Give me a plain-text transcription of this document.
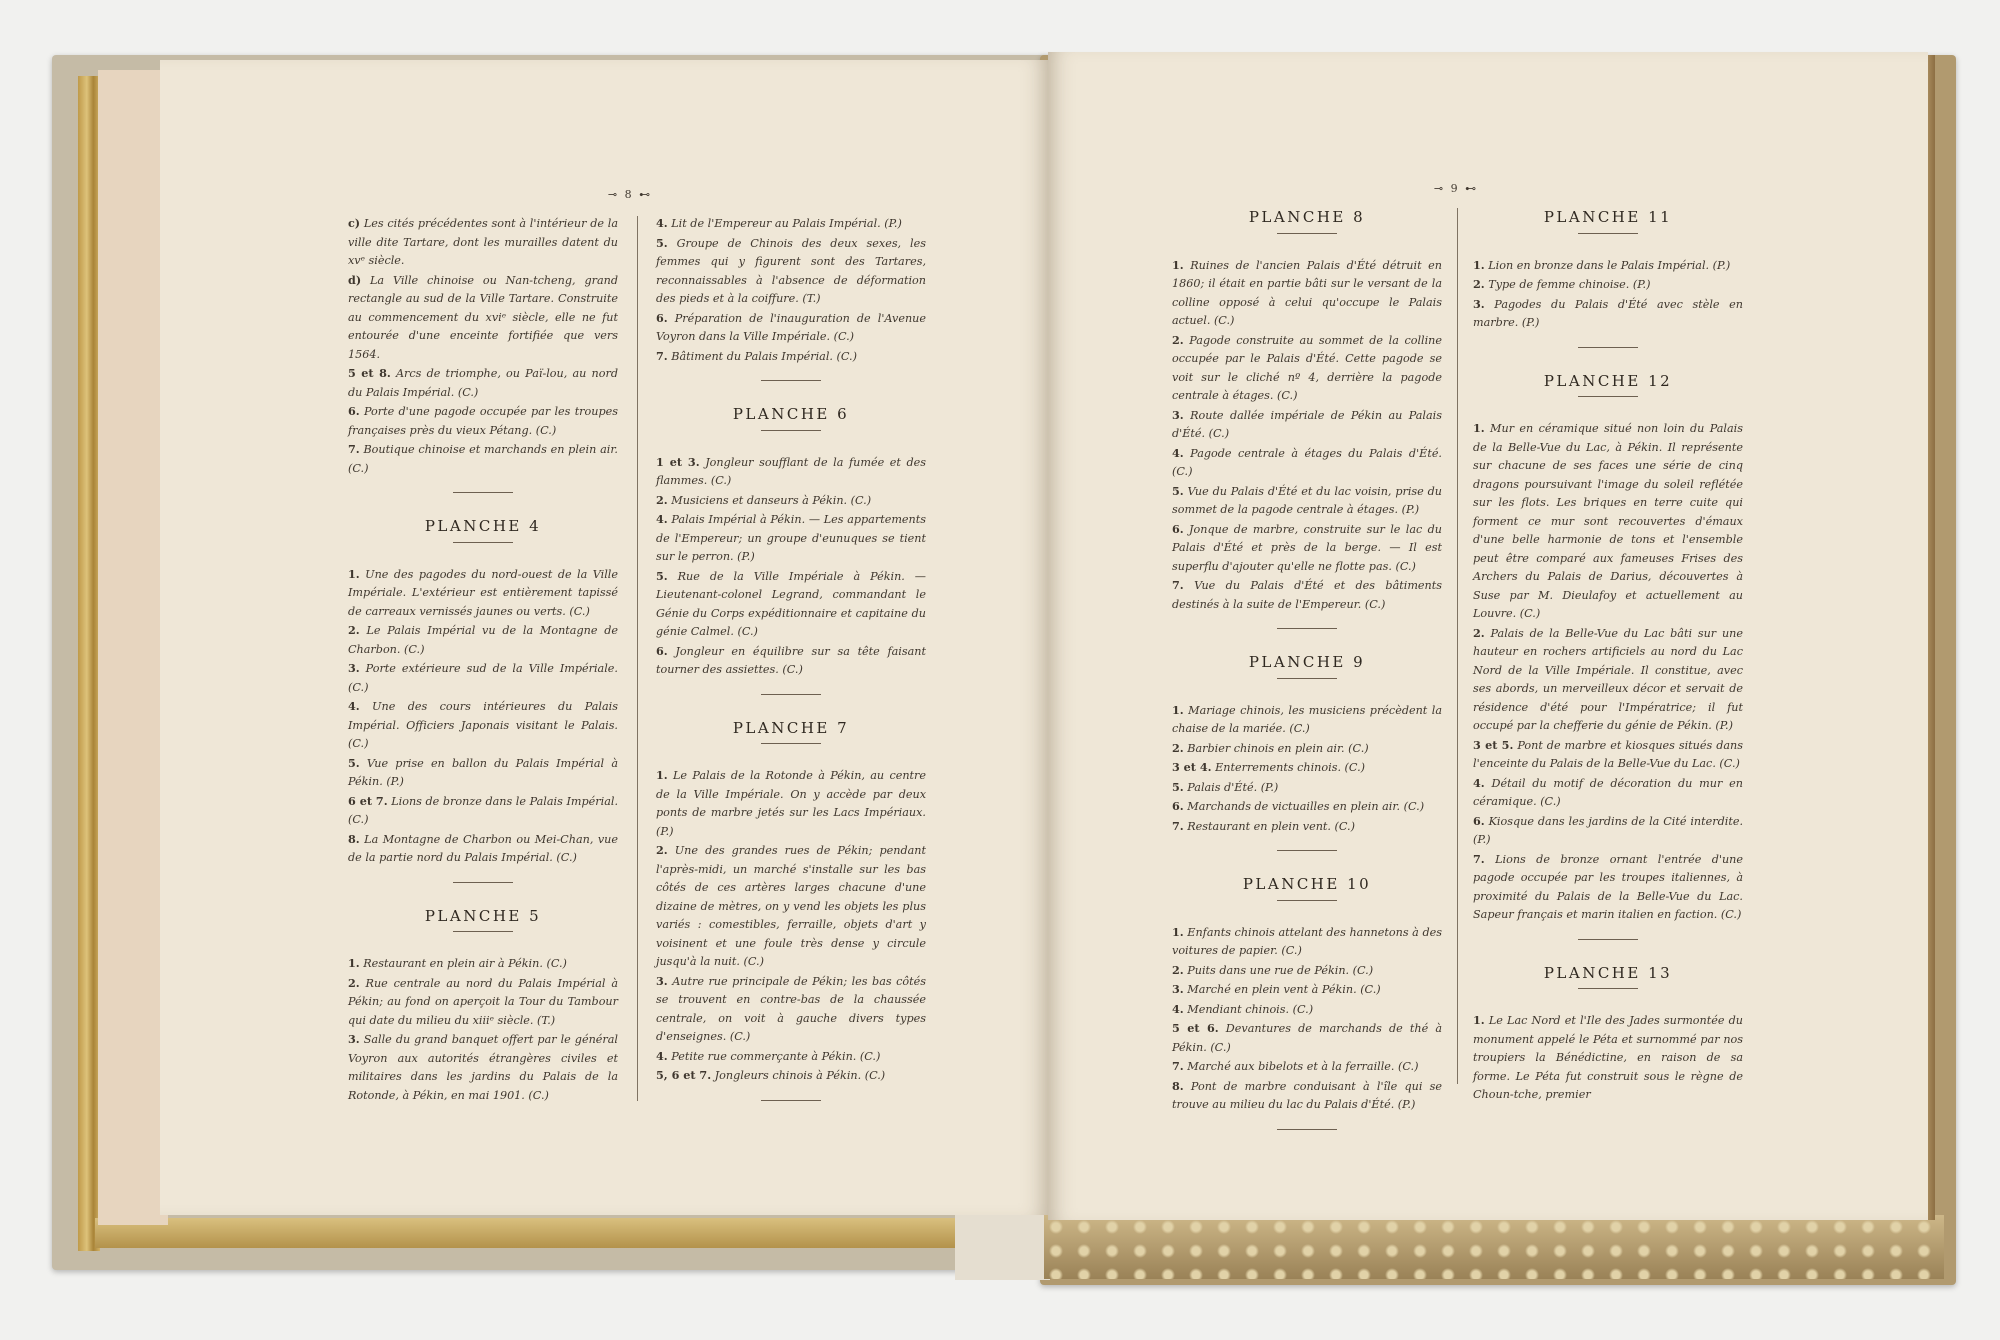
⊸ 8 ⊷

c) Les cités précédentes sont à l'intérieur de la ville dite Tartare, dont les murailles datent du xvᵉ siècle.

d) La Ville chinoise ou Nan-tcheng, grand rectangle au sud de la Ville Tartare. Construite au commencement du xviᵉ siècle, elle ne fut entourée d'une enceinte fortifiée que vers 1564.

5 et 8. Arcs de triomphe, ou Paï-lou, au nord du Palais Impérial. (C.)

6. Porte d'une pagode occupée par les troupes françaises près du vieux Pétang. (C.)

7. Boutique chinoise et marchands en plein air. (C.)

PLANCHE 4

1. Une des pagodes du nord-ouest de la Ville Impériale. L'extérieur est entièrement tapissé de carreaux vernissés jaunes ou verts. (C.)

2. Le Palais Impérial vu de la Montagne de Charbon. (C.)

3. Porte extérieure sud de la Ville Impériale. (C.)

4. Une des cours intérieures du Palais Impérial. Officiers Japonais visitant le Palais. (C.)

5. Vue prise en ballon du Palais Impérial à Pékin. (P.)

6 et 7. Lions de bronze dans le Palais Impérial. (C.)

8. La Montagne de Charbon ou Mei-Chan, vue de la partie nord du Palais Impérial. (C.)

PLANCHE 5

1. Restaurant en plein air à Pékin. (C.)

2. Rue centrale au nord du Palais Impérial à Pékin; au fond on aperçoit la Tour du Tambour qui date du milieu du xiiiᵉ siècle. (T.)

3. Salle du grand banquet offert par le général Voyron aux autorités étrangères civiles et militaires dans les jardins du Palais de la Rotonde, à Pékin, en mai 1901. (C.)

4. Lit de l'Empereur au Palais Impérial. (P.)

5. Groupe de Chinois des deux sexes, les femmes qui y figurent sont des Tartares, reconnaissables à l'absence de déformation des pieds et à la coiffure. (T.)

6. Préparation de l'inauguration de l'Avenue Voyron dans la Ville Impériale. (C.)

7. Bâtiment du Palais Impérial. (C.)

PLANCHE 6

1 et 3. Jongleur soufflant de la fumée et des flammes. (C.)

2. Musiciens et danseurs à Pékin. (C.)

4. Palais Impérial à Pékin. — Les appartements de l'Empereur; un groupe d'eunuques se tient sur le perron. (P.)

5. Rue de la Ville Impériale à Pékin. — Lieutenant-colonel Legrand, commandant le Génie du Corps expéditionnaire et capitaine du génie Calmel. (C.)

6. Jongleur en équilibre sur sa tête faisant tourner des assiettes. (C.)

PLANCHE 7

1. Le Palais de la Rotonde à Pékin, au centre de la Ville Impériale. On y accède par deux ponts de marbre jetés sur les Lacs Impériaux. (P.)

2. Une des grandes rues de Pékin; pendant l'après-midi, un marché s'installe sur les bas côtés de ces artères larges chacune d'une dizaine de mètres, on y vend les objets les plus variés : comestibles, ferraille, objets d'art y voisinent et une foule très dense y circule jusqu'à la nuit. (C.)

3. Autre rue principale de Pékin; les bas côtés se trouvent en contre-bas de la chaussée centrale, on voit à gauche divers types d'enseignes. (C.)

4. Petite rue commerçante à Pékin. (C.)

5, 6 et 7. Jongleurs chinois à Pékin. (C.)

⊸ 9 ⊷
PLANCHE 8

1. Ruines de l'ancien Palais d'Été détruit en 1860; il était en partie bâti sur le versant de la colline opposé à celui qu'occupe le Palais actuel. (C.)

2. Pagode construite au sommet de la colline occupée par le Palais d'Été. Cette pagode se voit sur le cliché nº 4, derrière la pagode centrale à étages. (C.)

3. Route dallée impériale de Pékin au Palais d'Été. (C.)

4. Pagode centrale à étages du Palais d'Été. (C.)

5. Vue du Palais d'Été et du lac voisin, prise du sommet de la pagode centrale à étages. (P.)

6. Jonque de marbre, construite sur le lac du Palais d'Été et près de la berge. — Il est superflu d'ajouter qu'elle ne flotte pas. (C.)

7. Vue du Palais d'Été et des bâtiments destinés à la suite de l'Empereur. (C.)

PLANCHE 9

1. Mariage chinois, les musiciens précèdent la chaise de la mariée. (C.)

2. Barbier chinois en plein air. (C.)

3 et 4. Enterrements chinois. (C.)

5. Palais d'Été. (P.)

6. Marchands de victuailles en plein air. (C.)

7. Restaurant en plein vent. (C.)

PLANCHE 10

1. Enfants chinois attelant des hannetons à des voitures de papier. (C.)

2. Puits dans une rue de Pékin. (C.)

3. Marché en plein vent à Pékin. (C.)

4. Mendiant chinois. (C.)

5 et 6. Devantures de marchands de thé à Pékin. (C.)

7. Marché aux bibelots et à la ferraille. (C.)

8. Pont de marbre conduisant à l'île qui se trouve au milieu du lac du Palais d'Été. (P.)

PLANCHE 11

1. Lion en bronze dans le Palais Impérial. (P.)

2. Type de femme chinoise. (P.)

3. Pagodes du Palais d'Été avec stèle en marbre. (P.)

PLANCHE 12

1. Mur en céramique situé non loin du Palais de la Belle-Vue du Lac, à Pékin. Il représente sur chacune de ses faces une série de cinq dragons poursuivant l'image du soleil reflétée sur les flots. Les briques en terre cuite qui forment ce mur sont recouvertes d'émaux d'une belle harmonie de tons et l'ensemble peut être comparé aux fameuses Frises des Archers du Palais de Darius, découvertes à Suse par M. Dieulafoy et actuellement au Louvre. (C.)

2. Palais de la Belle-Vue du Lac bâti sur une hauteur en rochers artificiels au nord du Lac Nord de la Ville Impériale. Il constitue, avec ses abords, un merveilleux décor et servait de résidence d'été pour l'Impératrice; il fut occupé par la chefferie du génie de Pékin. (P.)

3 et 5. Pont de marbre et kiosques situés dans l'enceinte du Palais de la Belle-Vue du Lac. (C.)

4. Détail du motif de décoration du mur en céramique. (C.)

6. Kiosque dans les jardins de la Cité interdite. (P.)

7. Lions de bronze ornant l'entrée d'une pagode occupée par les troupes italiennes, à proximité du Palais de la Belle-Vue du Lac. Sapeur français et marin italien en faction. (C.)

PLANCHE 13

1. Le Lac Nord et l'Ile des Jades surmontée du monument appelé le Péta et surnommé par nos troupiers la Bénédictine, en raison de sa forme. Le Péta fut construit sous le règne de Choun-tche, premier
